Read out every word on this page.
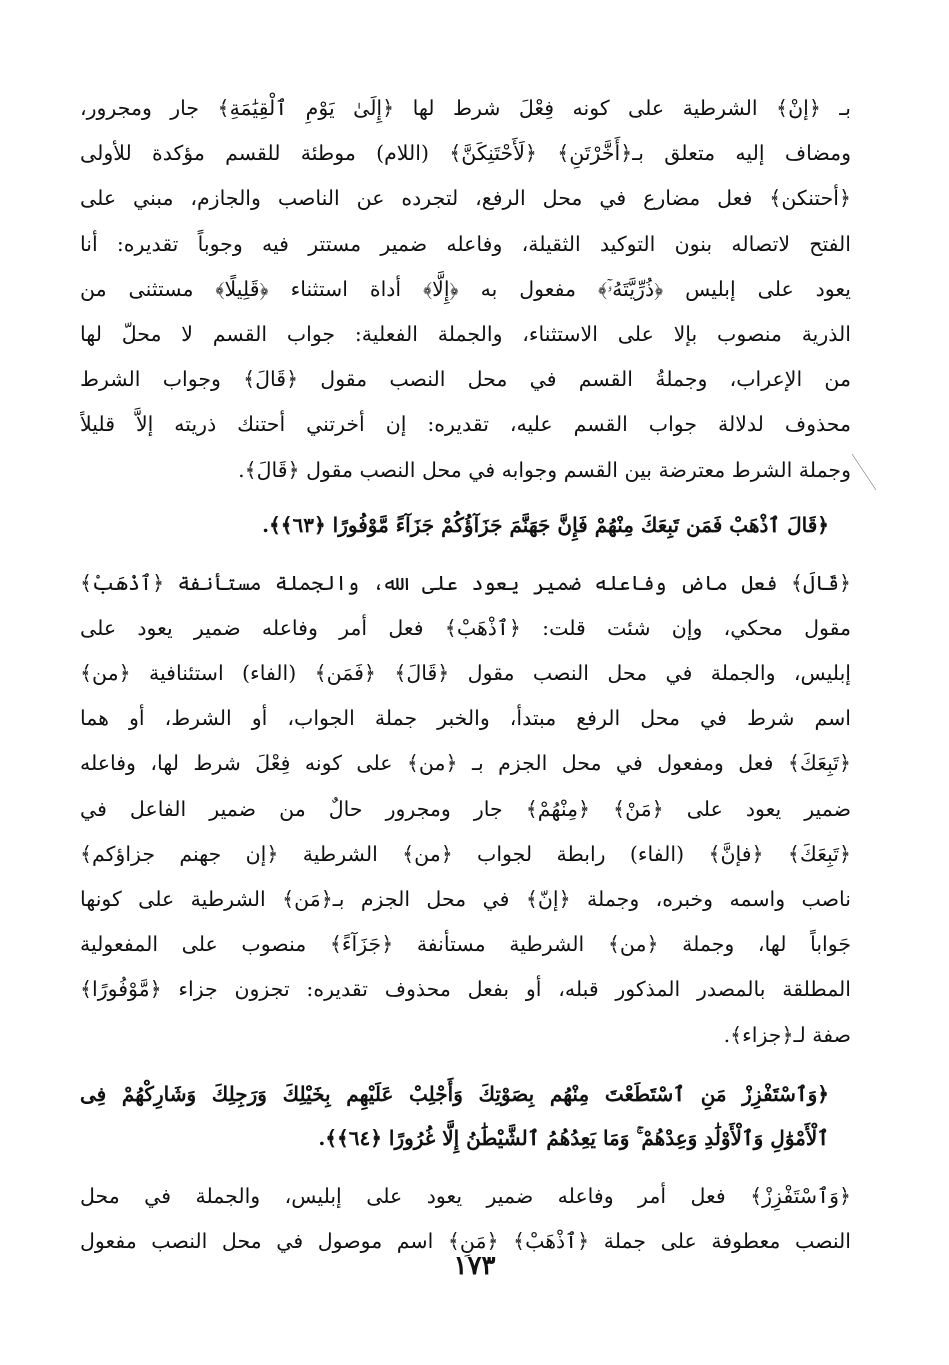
بـ ﴿إنْ﴾ الشرطية على كونه فِعْلَ شرط لها ﴿إِلَىٰ يَوْمِ ٱلْقِيَٰمَةِ﴾ جار ومجرور،
ومضاف إليه متعلق بـ﴿أَخَّرْتَنِ﴾ ﴿لَأَحْتَنِكَنَّ﴾ (اللام) موطئة للقسم مؤكدة للأولى
﴿أحتنكن﴾ فعل مضارع في محل الرفع، لتجرده عن الناصب والجازم، مبني على
الفتح لاتصاله بنون التوكيد الثقيلة، وفاعله ضمير مستتر فيه وجوباً تقديره: أنا
يعود على إبليس ﴿ذُرِّيَّتَهُۥٓ﴾ مفعول به ﴿إِلَّا﴾ أداة استثناء ﴿قَلِيلًا﴾ مستثنى من
الذرية منصوب بإلا على الاستثناء، والجملة الفعلية: جواب القسم لا محلّ لها
من الإعراب، وجملةُ القسم في محل النصب مقول ﴿قَالَ﴾ وجواب الشرط
محذوف لدلالة جواب القسم عليه، تقديره: إن أخرتني أحتنك ذريته إلاَّ قليلاً
وجملة الشرط معترضة بين القسم وجوابه في محل النصب مقول ﴿قَالَ﴾.
﴿قَالَ ٱذْهَبْ فَمَن تَبِعَكَ مِنْهُمْ فَإِنَّ جَهَنَّمَ جَزَآؤُكُمْ جَزَآءً مَّوْفُورًا ﴿٦٣﴾﴾.
﴿قَالَ﴾ فعل ماض وفاعله ضمير يعود على الله، والجملة مستأنفة ﴿ٱذْهَبْ﴾
مقول محكي، وإن شئت قلت: ﴿ٱذْهَبْ﴾ فعل أمر وفاعله ضمير يعود على
إبليس، والجملة في محل النصب مقول ﴿قَالَ﴾ ﴿فَمَن﴾ (الفاء) استئنافية ﴿من﴾
اسم شرط في محل الرفع مبتدأ، والخبر جملة الجواب، أو الشرط، أو هما
﴿تَبِعَكَ﴾ فعل ومفعول في محل الجزم بـ ﴿من﴾ على كونه فِعْلَ شرط لها، وفاعله
ضمير يعود على ﴿مَنْ﴾ ﴿مِنْهُمْ﴾ جار ومجرور حالٌ من ضمير الفاعل في
﴿تَبِعَكَ﴾ ﴿فإنَّ﴾ (الفاء) رابطة لجواب ﴿من﴾ الشرطية ﴿إن جهنم جزاؤكم﴾
ناصب واسمه وخبره، وجملة ﴿إنّ﴾ في محل الجزم بـ﴿مَن﴾ الشرطية على كونها
جَواباً لها، وجملة ﴿من﴾ الشرطية مستأنفة ﴿جَزَآءً﴾ منصوب على المفعولية
المطلقة بالمصدر المذكور قبله، أو بفعل محذوف تقديره: تجزون جزاء ﴿مَّوْفُورًا﴾
صفة لـ﴿جزاء﴾.
﴿وَٱسْتَفْزِزْ مَنِ ٱسْتَطَعْتَ مِنْهُم بِصَوْتِكَ وَأَجْلِبْ عَلَيْهِم بِخَيْلِكَ وَرَجِلِكَ وَشَارِكْهُمْ فِى
ٱلْأَمْوَٰلِ وَٱلْأَوْلَٰدِ وَعِدْهُمْ ۚ وَمَا يَعِدُهُمُ ٱلشَّيْطَٰنُ إِلَّا غُرُورًا ﴿٦٤﴾﴾.
﴿وَٱسْتَفْزِزْ﴾ فعل أمر وفاعله ضمير يعود على إبليس، والجملة في محل
النصب معطوفة على جملة ﴿ٱذْهَبْ﴾ ﴿مَنِ﴾ اسم موصول في محل النصب مفعول
١٧٣
